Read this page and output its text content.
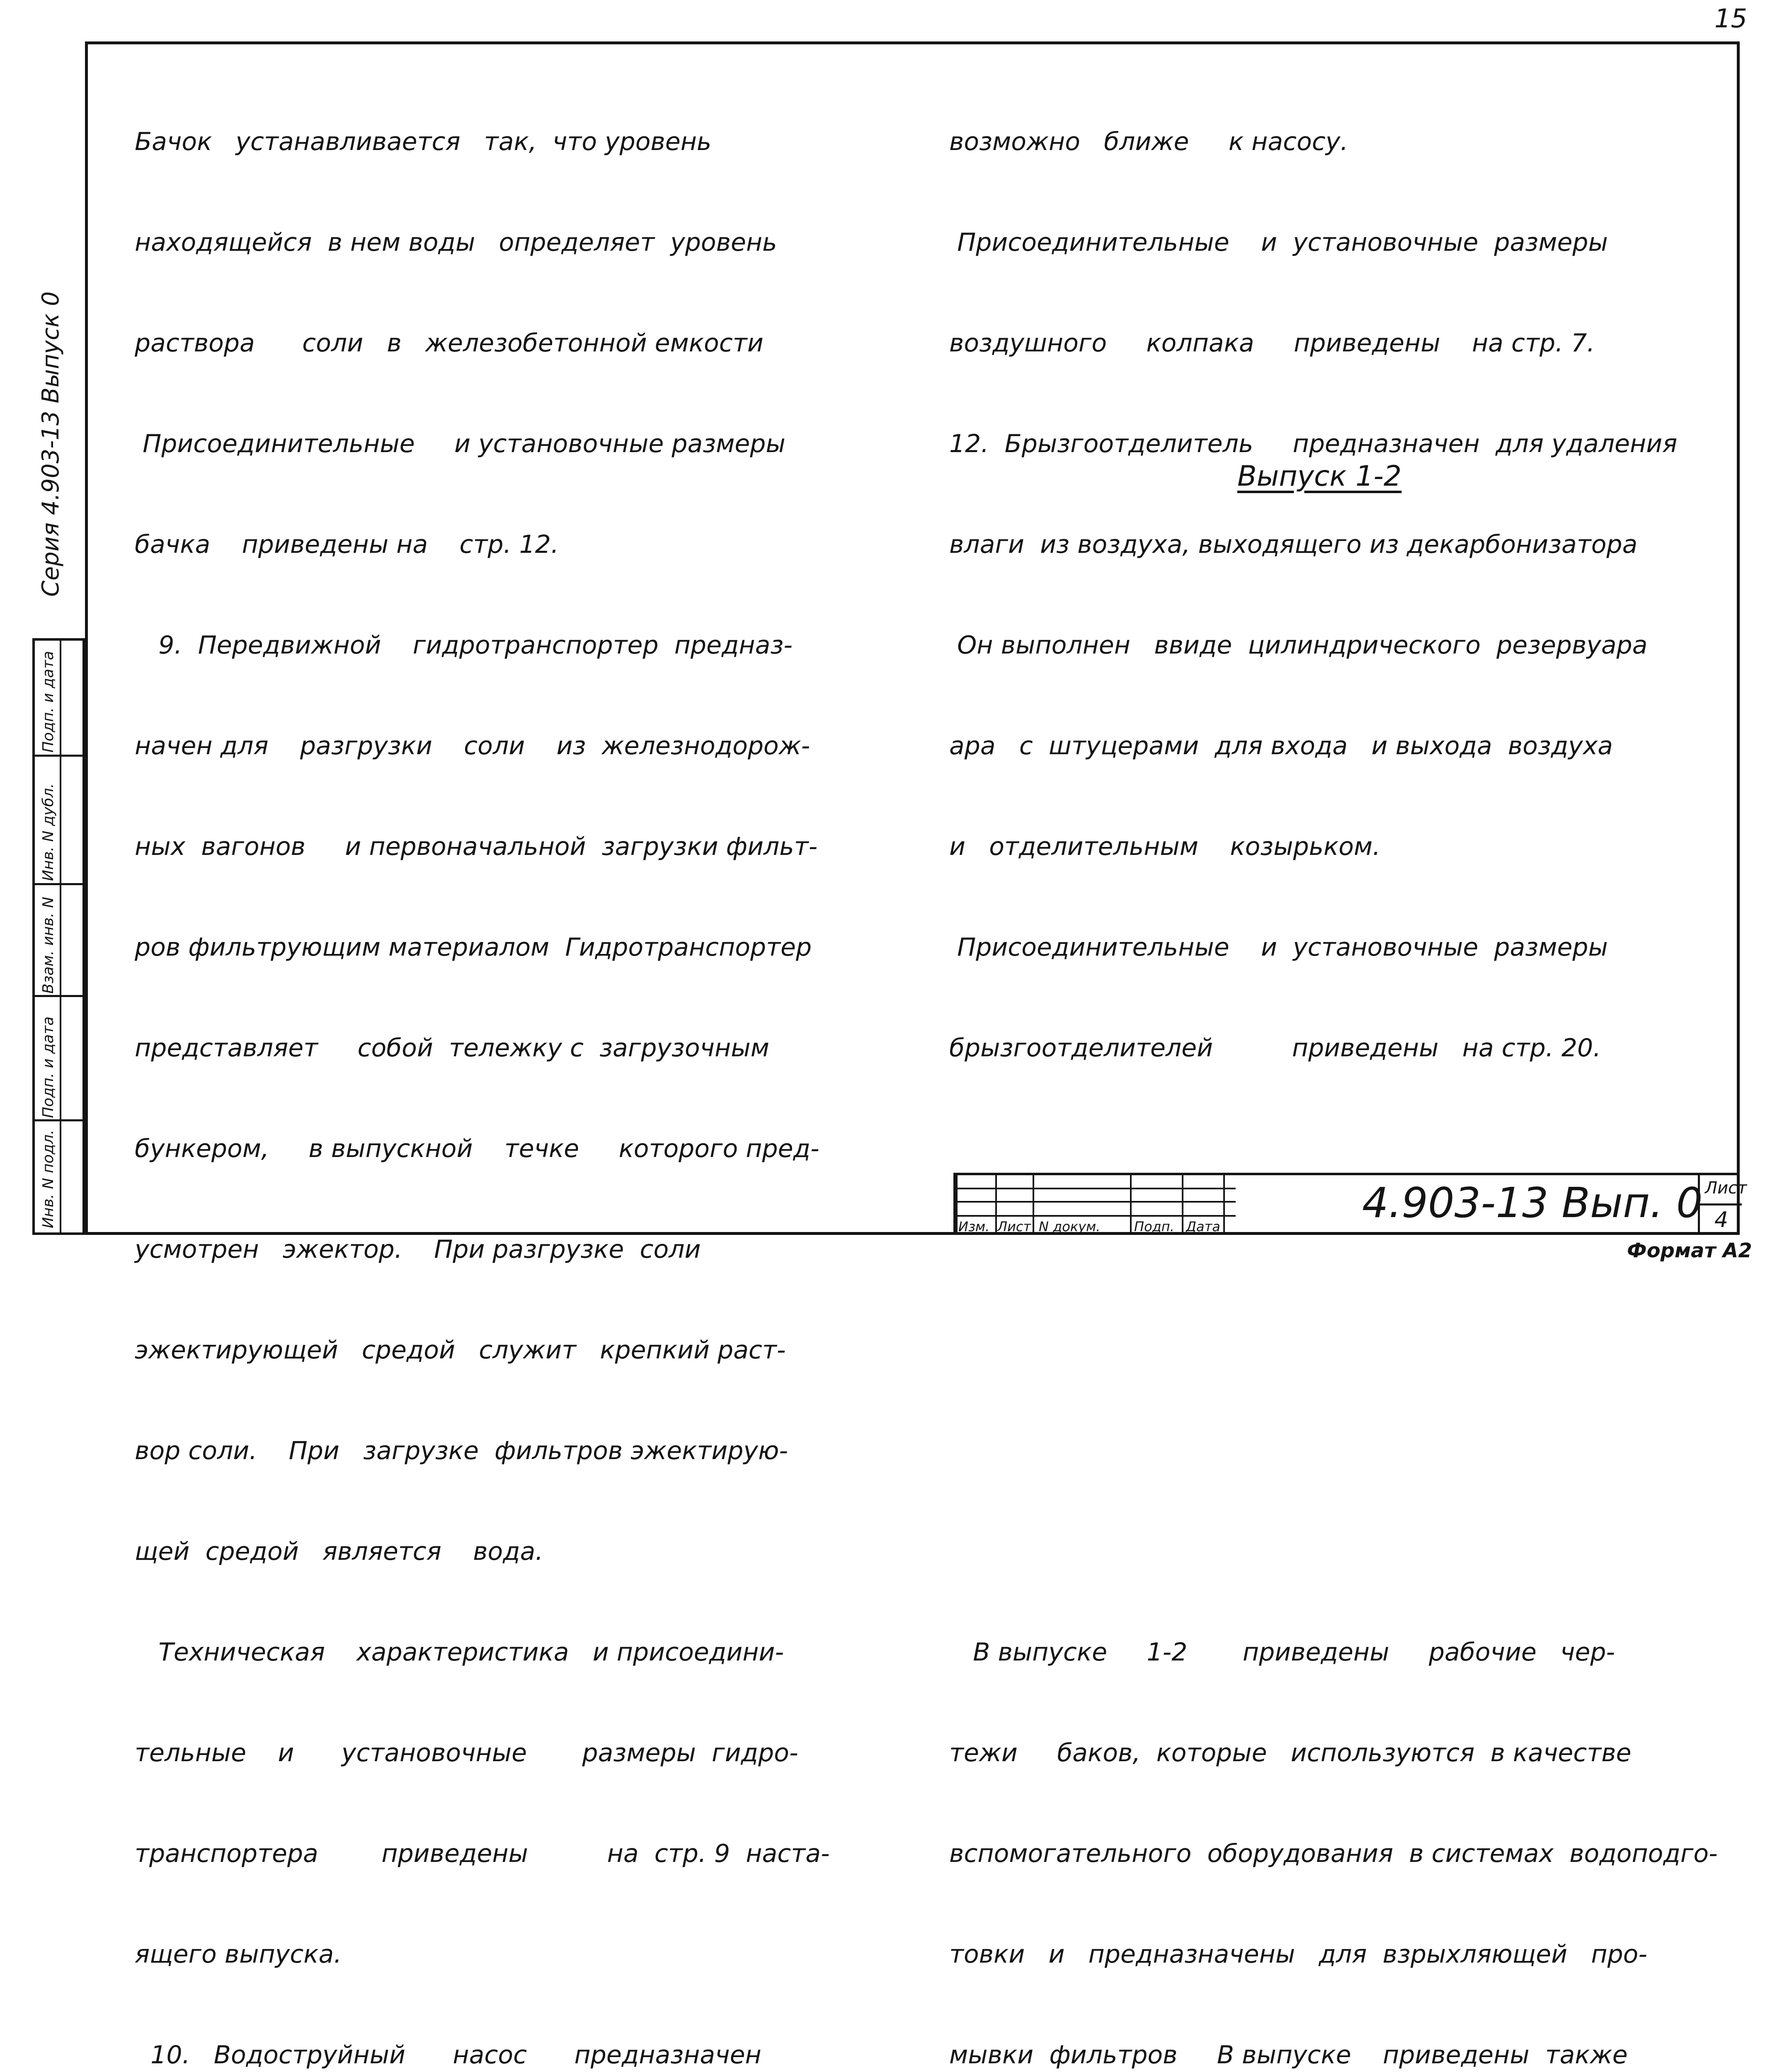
15
Серия 4.903-13 Выпуск 0
Подп. и дата
Инв. N дубл.
Взам. инв. N
Подп. и дата
Инв. N подл.

Бачок   устанавливается   так,  что уровень

находящейся  в нем воды   определяет  уровень

раствора      соли   в   железобетонной емкости

Присоединительные     и установочные размеры

бачка    приведены на    стр. 12.

9.  Передвижной    гидротранспортер  предназ-

начен для    разгрузки    соли    из  железнодорож-

ных  вагонов     и первоначальной  загрузки фильт-

ров фильтрующим материалом  Гидротранспортер

представляет     собой  тележку с  загрузочным

бункером,     в выпускной    течке     которого пред-

усмотрен   эжектор.    При разгрузке  соли

эжектирующей   средой   служит   крепкий раст-

вор соли.    При   загрузке  фильтров эжектирую-

щей  средой   является    вода.

Техническая    характеристика   и присоедини-

тельные    и      установочные       размеры  гидро-

транспортера        приведены          на  стр. 9  наста-

ящего выпуска.

10.   Водоструйный      насос      предназначен

возможно   ближе     к насосу.

Присоединительные    и  установочные  размеры

воздушного     колпака     приведены    на стр. 7.

12.  Брызгоотделитель     предназначен  для удаления

влаги  из воздуха, выходящего из декарбонизатора

Он выполнен   ввиде  цилиндрического  резервуара

ара   с  штуцерами  для входа   и выхода  воздуха

и   отделительным    козырьком.

Присоединительные    и  установочные  размеры

брызгоотделителей          приведены   на стр. 20.

В выпуске     1-2       приведены     рабочие   чер-

тежи     баков,  которые   используются  в качестве

вспомогательного  оборудования  в системах  водоподго-

товки   и   предназначены   для  взрыхляющей   про-

мывки  фильтров     В выпуске    приведены  также

Выпуск 1-2
Изм. Лист N докум.	Подп. Дата	4.903-13 Вып. 0 Лист
4
Формат А2
